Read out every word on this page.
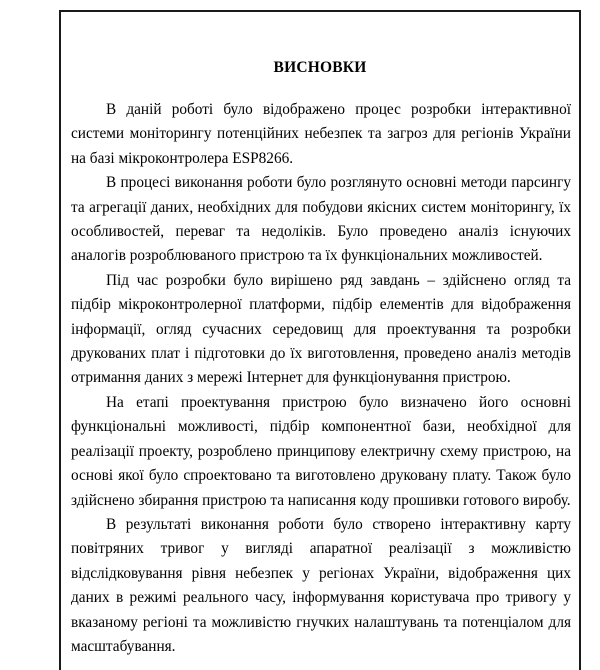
ВИСНОВКИ

В даній роботі було відображено процес розробки інтерактивної системи моніторингу потенційних небезпек та загроз для регіонів України на базі мікроконтролера ESP8266.

В процесі виконання роботи було розглянуто основні методи парсингу та агрегації даних, необхідних для побудови якісних систем моніторингу, їх особливостей, переваг та недоліків. Було проведено аналіз існуючих аналогів розроблюваного пристрою та їх функціональних можливостей.

Під час розробки було вирішено ряд завдань – здійснено огляд та підбір мікроконтролерної платформи, підбір елементів для відображення інформації, огляд сучасних середовищ для проектування та розробки друкованих плат і підготовки до їх виготовлення, проведено аналіз методів отримання даних з мережі Інтернет для функціонування пристрою.

На етапі проектування пристрою було визначено його основні функціональні можливості, підбір компонентної бази, необхідної для реалізації проекту, розроблено принципову електричну схему пристрою, на основі якої було спроектовано та виготовлено друковану плату. Також було здійснено збирання пристрою та написання коду прошивки готового виробу.

В результаті виконання роботи було створено інтерактивну карту повітряних тривог у вигляді апаратної реалізації з можливістю відслідковування рівня небезпек у регіонах України, відображення цих даних в режимі реального часу, інформування користувача про тривогу у вказаному регіоні та можливістю гнучких налаштувань та потенціалом для масштабування.
